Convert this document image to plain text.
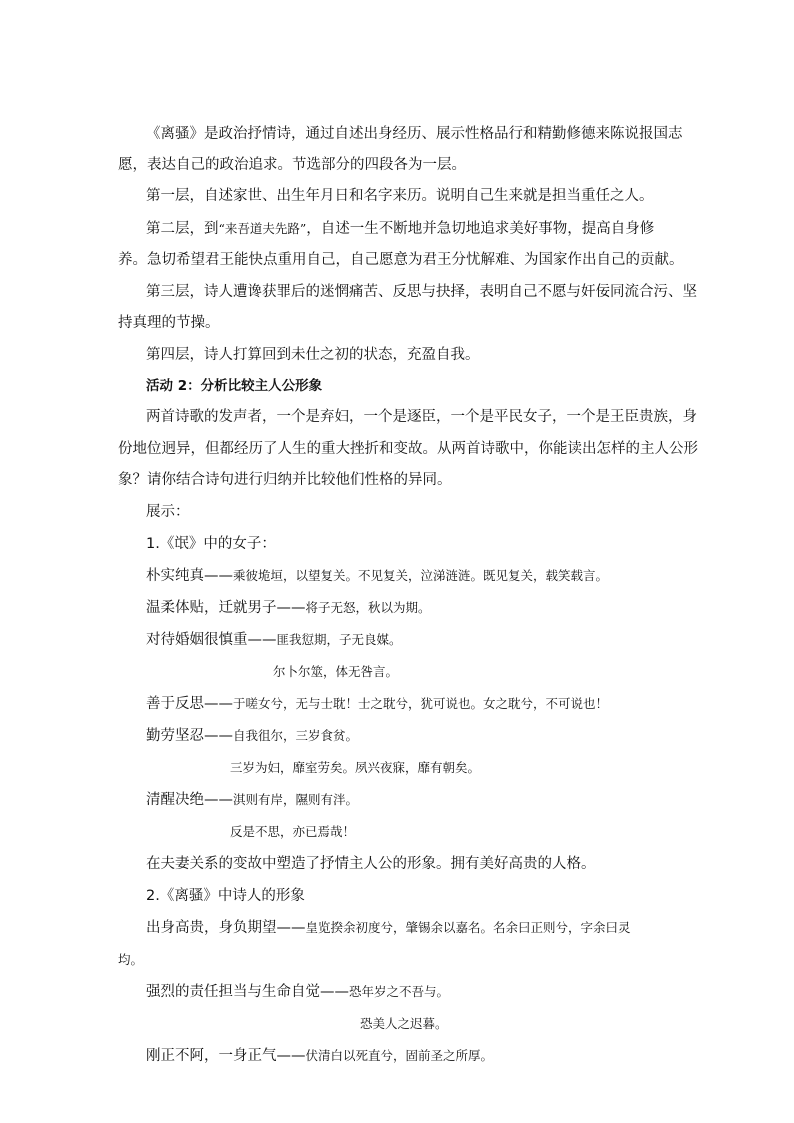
《离骚》是政治抒情诗，通过自述出身经历、展示性格品行和精勤修德来陈说报国志
愿，表达自己的政治追求。节选部分的四段各为一层。
第一层，自述家世、出生年月日和名字来历。说明自己生来就是担当重任之人。
第二层，到“来吾道夫先路”，自述一生不断地并急切地追求美好事物，提高自身修
养。急切希望君王能快点重用自己，自己愿意为君王分忧解难、为国家作出自己的贡献。
第三层，诗人遭谗获罪后的迷惘痛苦、反思与抉择，表明自己不愿与奸佞同流合污、坚
持真理的节操。
第四层，诗人打算回到未仕之初的状态，充盈自我。
活动 2：分析比较主人公形象
两首诗歌的发声者，一个是弃妇，一个是逐臣，一个是平民女子，一个是王臣贵族，身
份地位迥异，但都经历了人生的重大挫折和变故。从两首诗歌中，你能读出怎样的主人公形
象？请你结合诗句进行归纳并比较他们性格的异同。
展示：
1.《氓》中的女子：
朴实纯真——乘彼垝垣，以望复关。不见复关，泣涕涟涟。既见复关，载笑载言。
温柔体贴，迁就男子——将子无怒，秋以为期。
对待婚姻很慎重——匪我愆期，子无良媒。
尔卜尔筮，体无咎言。
善于反思——于嗟女兮，无与士耽！士之耽兮，犹可说也。女之耽兮，不可说也！
勤劳坚忍——自我徂尔，三岁食贫。
三岁为妇，靡室劳矣。夙兴夜寐，靡有朝矣。
清醒决绝——淇则有岸，隰则有泮。
反是不思，亦已焉哉！
在夫妻关系的变故中塑造了抒情主人公的形象。拥有美好高贵的人格。
2.《离骚》中诗人的形象
出身高贵，身负期望——皇览揆余初度兮，肇锡余以嘉名。名余曰正则兮，字余曰灵
均。
强烈的责任担当与生命自觉——恐年岁之不吾与。
恐美人之迟暮。
刚正不阿，一身正气——伏清白以死直兮，固前圣之所厚。
